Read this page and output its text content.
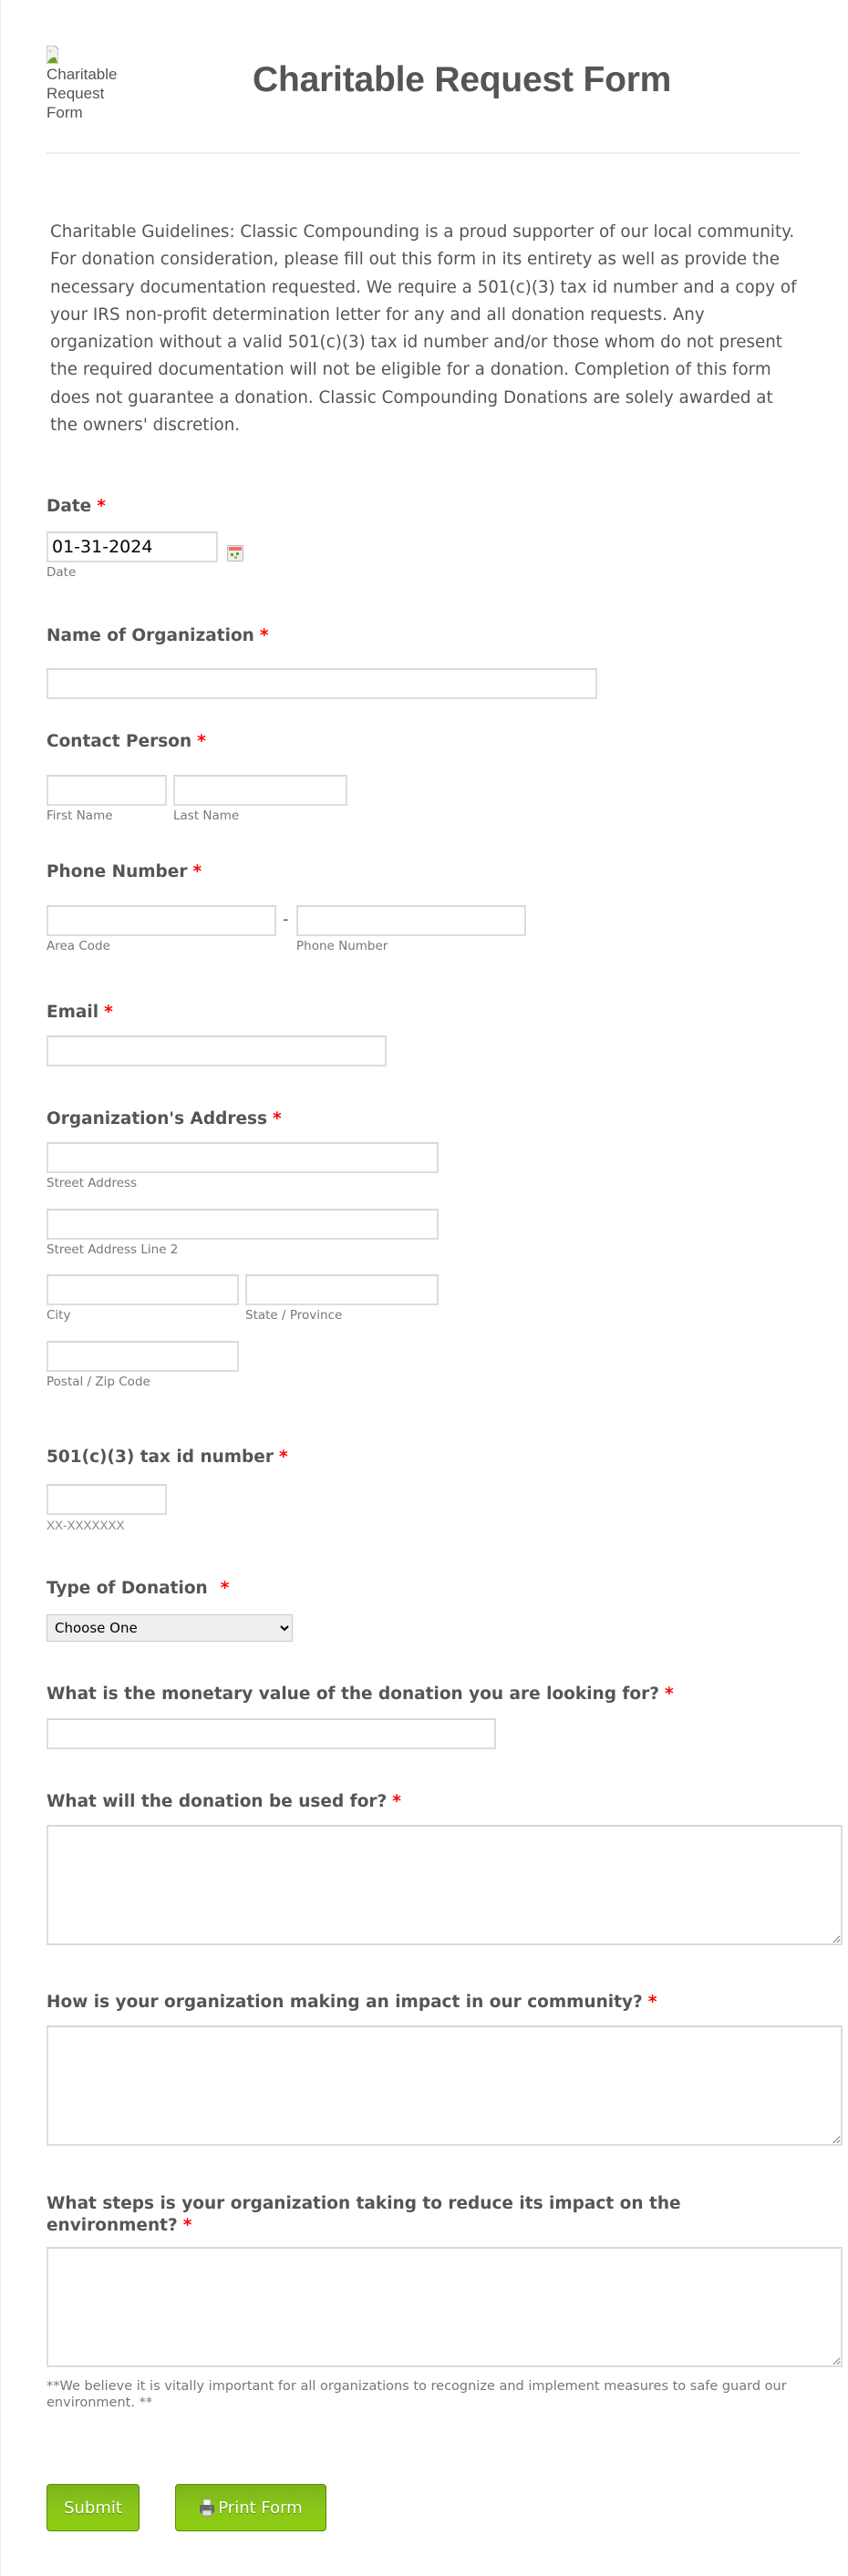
Charitable Request Form
Charitable Request Form

Charitable Guidelines: Classic Compounding is a proud supporter of our local community. For donation consideration, please fill out this form in its entirety as well as provide the necessary documentation requested. We require a 501(c)(3) tax id number and a copy of your IRS non-profit determination letter for any and all donation requests. Any organization without a valid 501(c)(3) tax id number and/or those whom do not present the required documentation will not be eligible for a donation. Completion of this form does not guarantee a donation. Classic Compounding Donations are solely awarded at the owners' discretion.

Date *
01-31-2024
Date
Name of Organization *
Contact Person *
First Name	Last Name
Phone Number *
-
Area Code	Phone Number
Email *
Organization's Address *
Street Address
Street Address Line 2
City	State / Province
Postal / Zip Code
501(c)(3) tax id number *
XX-XXXXXXX
Type of Donation *
Choose One
What is the monetary value of the donation you are looking for? *
What will the donation be used for? *
How is your organization making an impact in our community? *
What steps is your organization taking to reduce its impact on the environment? *

**We believe it is vitally important for all organizations to recognize and implement measures to safe guard our environment. **

Submit	Print Form
